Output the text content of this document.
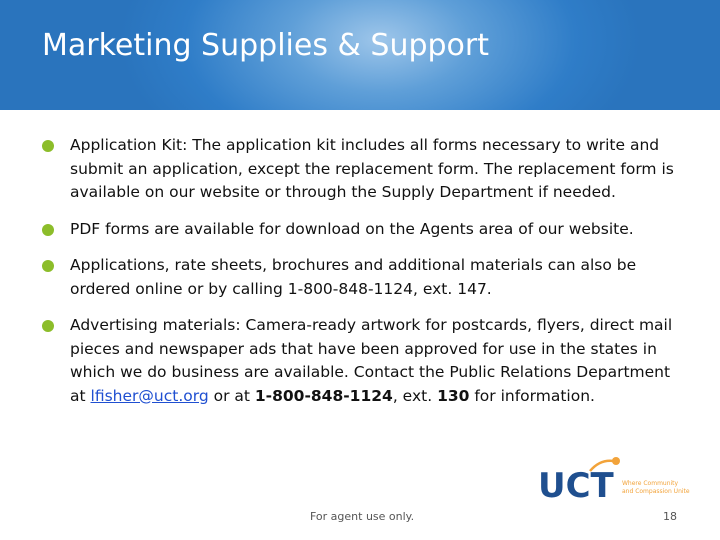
Marketing Supplies & Support
Application Kit: The application kit includes all forms necessary to write and submit an application, except the replacement form. The replacement form is available on our website or through the Supply Department if needed.
PDF forms are available for download on the Agents area of our website.
Applications, rate sheets, brochures and additional materials can also be ordered online or by calling 1-800-848-1124, ext. 147.
Advertising materials: Camera-ready artwork for postcards, flyers, direct mail pieces and newspaper ads that have been approved for use in the states in which we do business are available. Contact the Public Relations Department at lfisher@uct.org or at 1-800-848-1124, ext. 130 for information.
UCT Where Community
and Compassion Unite
For agent use only.	18
